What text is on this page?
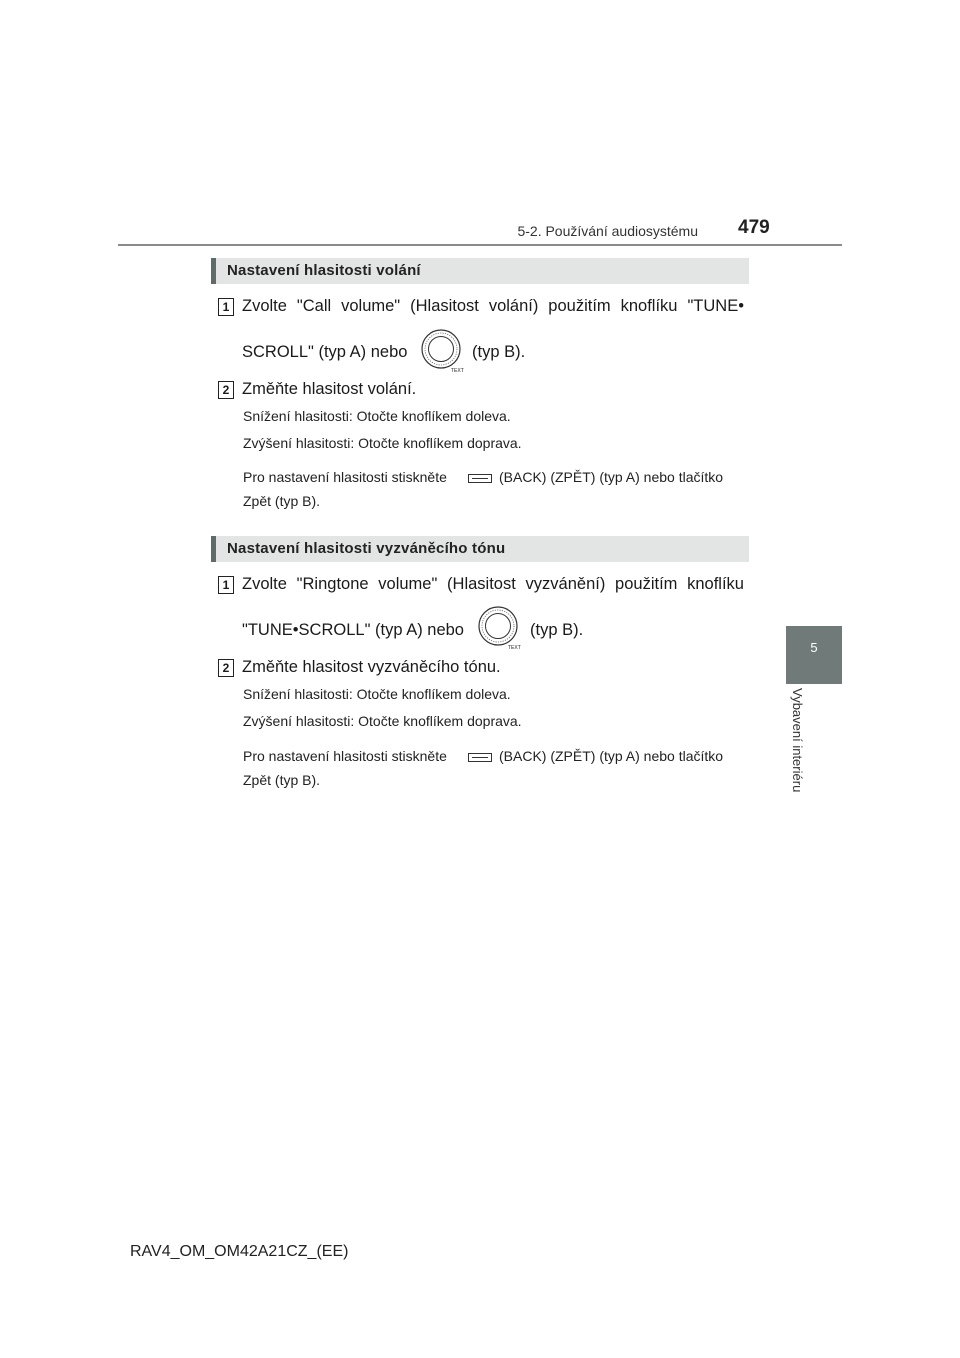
5-2. Používání audiosystému 479
5
Vybavení interiéru
Nastavení hlasitosti volání
1 Zvolte "Call volume" (Hlasitost volání) použitím knoflíku "TUNE•
SCROLL" (typ A) nebo
TEXT
(typ B).
2 Změňte hlasitost volání.
Snížení hlasitosti: Otočte knoflíkem doleva.
Zvýšení hlasitosti: Otočte knoflíkem doprava.
Pro nastavení hlasitosti stiskněte	(BACK) (ZPĚT) (typ A) nebo tlačítko
Zpět (typ B).
Nastavení hlasitosti vyzváněcího tónu
1 Zvolte "Ringtone volume" (Hlasitost vyzvánění) použitím knoflíku
"TUNE•SCROLL" (typ A) nebo
TEXT
(typ B).
2 Změňte hlasitost vyzváněcího tónu.
Snížení hlasitosti: Otočte knoflíkem doleva.
Zvýšení hlasitosti: Otočte knoflíkem doprava.
Pro nastavení hlasitosti stiskněte	(BACK) (ZPĚT) (typ A) nebo tlačítko
Zpět (typ B).
RAV4_OM_OM42A21CZ_(EE)
